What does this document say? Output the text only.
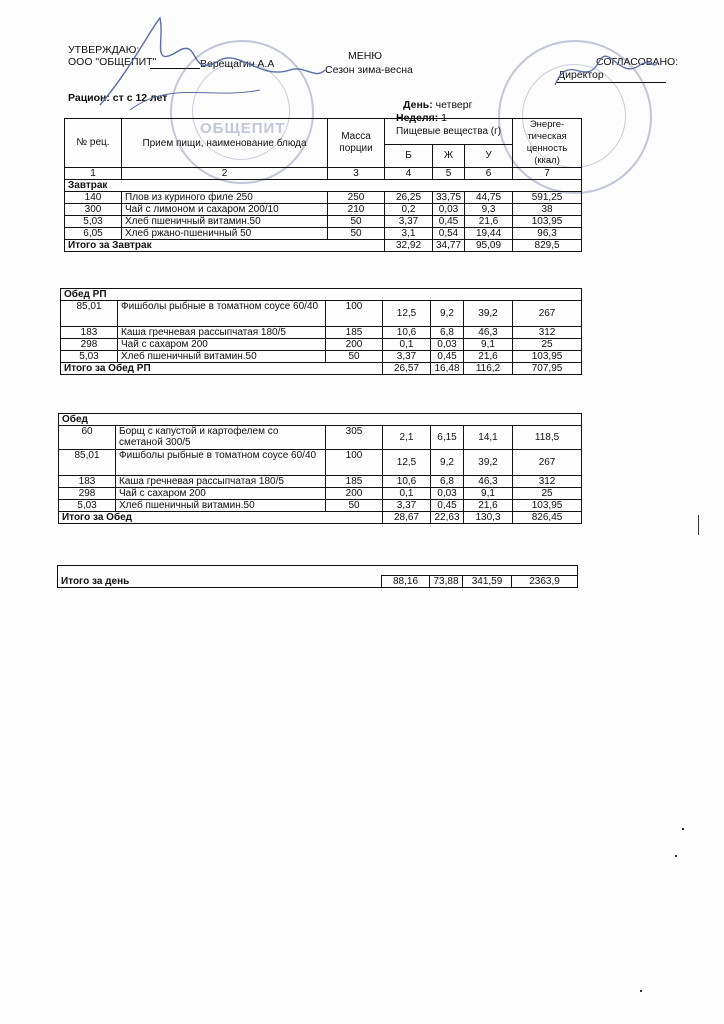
УТВЕРЖДАЮ:
ООО "ОБЩЕПИТ"	Верещагин А.А
МЕНЮ
Сезон зима-весна
СОГЛАСОВАНО:
Директор
Рацион: ст с 12 лет
День: четверг
Неделя: 1
ОБЩЕПИТ
№ рец.	Прием пищи, наименование блюда	Масса порции	Пищевые вещества (г)			Энерге-тическая ценность (ккал)
			Б	Ж	У	
1	2	3	4	5	6	7
Завтрак						
140	Плов из куриного филе 250	250	26,25	33,75	44,75	591,25
300	Чай с лимоном и сахаром 200/10	210	0,2	0,03	9,3	38
5,03	Хлеб пшеничный витамин.50	50	3,37	0,45	21,6	103,95
6,05	Хлеб ржано-пшеничный 50	50	3,1	0,54	19,44	96,3
Итого за Завтрак			32,92	34,77	95,09	829,5
Обед РП						
85,01	Фишболы рыбные в томатном соусе 60/40	100	12,5	9,2	39,2	267
183	Каша гречневая рассыпчатая 180/5	185	10,6	6,8	46,3	312
298	Чай с сахаром 200	200	0,1	0,03	9,1	25
5,03	Хлеб пшеничный витамин.50	50	3,37	0,45	21,6	103,95
Итого за Обед РП			26,57	16,48	116,2	707,95
Обед						
60	Борщ с капустой и картофелем со
сметаной 300/5	305	2,1	6,15	14,1	118,5
85,01	Фишболы рыбные в томатном соусе 60/40	100	12,5	9,2	39,2	267
183	Каша гречневая рассыпчатая 180/5	185	10,6	6,8	46,3	312
298	Чай с сахаром 200	200	0,1	0,03	9,1	25
5,03	Хлеб пшеничный витамин.50	50	3,37	0,45	21,6	103,95
Итого за Обед			28,67	22,63	130,3	826,45

Итого за день	88,16	73,88	341,59	2363,9
